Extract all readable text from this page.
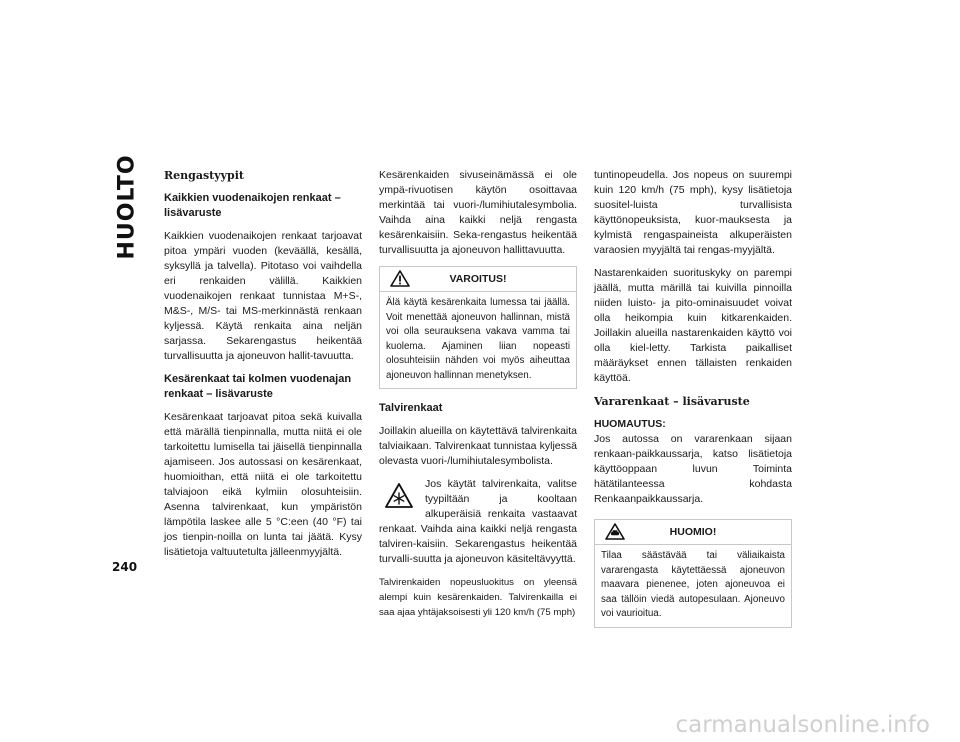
HUOLTO
240
Rengastyypit
Kaikkien vuodenaikojen renkaat – lisävaruste

Kaikkien vuodenaikojen renkaat tarjoavat pitoa ympäri vuoden (keväällä, kesällä, syksyllä ja talvella). Pitotaso voi vaihdella eri renkaiden välillä. Kaikkien vuodenaikojen renkaat tunnistaa M+S-, M&S-, M/S- tai MS-merkinnästä renkaan kyljessä. Käytä renkaita aina neljän sarjassa. Sekarengastus heikentää turvallisuutta ja ajoneuvon hallit-tavuutta.

Kesärenkaat tai kolmen vuodenajan renkaat – lisävaruste

Kesärenkaat tarjoavat pitoa sekä kuivalla että märällä tienpinnalla, mutta niitä ei ole tarkoitettu lumisella tai jäisellä tienpinnalla ajamiseen. Jos autossasi on kesärenkaat, huomioithan, että niitä ei ole tarkoitettu talviajoon eikä kylmiin olosuhteisiin. Asenna talvirenkaat, kun ympäristön lämpötila laskee alle 5 °C:een (40 °F) tai jos tienpin-noilla on lunta tai jäätä. Kysy lisätietoja valtuutetulta jälleenmyyjältä.

Kesärenkaiden sivuseinämässä ei ole ympä-rivuotisen käytön osoittavaa merkintää tai vuori-/lumihiutalesymbolia. Vaihda aina kaikki neljä rengasta kesärenkaisiin. Seka-rengastus heikentää turvallisuutta ja ajoneuvon hallittavuutta.

VAROITUS!
Älä käytä kesärenkaita lumessa tai jäällä. Voit menettää ajoneuvon hallinnan, mistä voi olla seurauksena vakava vamma tai kuolema. Ajaminen liian nopeasti olosuhteisiin nähden voi myös aiheuttaa ajoneuvon hallinnan menetyksen.
Talvirenkaat

Joillakin alueilla on käytettävä talvirenkaita talviaikaan. Talvirenkaat tunnistaa kyljessä olevasta vuori-/lumihiutalesymbolista.

Jos käytät talvirenkaita, valitse tyypiltään ja kooltaan alkuperäisiä renkaita vastaavat renkaat. Vaihda aina kaikki neljä rengasta talviren-kaisiin. Sekarengastus heikentää turvalli-suutta ja ajoneuvon käsiteltävyyttä.

Talvirenkaiden nopeusluokitus on yleensä alempi kuin kesärenkaiden. Talvirenkailla ei saa ajaa yhtäjaksoisesti yli 120 km/h (75 mph)

tuntinopeudella. Jos nopeus on suurempi kuin 120 km/h (75 mph), kysy lisätietoja suositel-luista turvallisista käyttönopeuksista, kuor-mauksesta ja kylmistä rengaspaineista alkuperäisten varaosien myyjältä tai rengas-myyjältä.

Nastarenkaiden suorituskyky on parempi jäällä, mutta märillä tai kuivilla pinnoilla niiden luisto- ja pito-ominaisuudet voivat olla heikompia kuin kitkarenkaiden. Joillakin alueilla nastarenkaiden käyttö voi olla kiel-letty. Tarkista paikalliset määräykset ennen tällaisten renkaiden käyttöä.

Vararenkaat – lisävaruste

HUOMAUTUS:

Jos autossa on vararenkaan sijaan renkaan-paikkaussarja, katso lisätietoja käyttöoppaan luvun Toiminta hätätilanteessa kohdasta Renkaanpaikkaussarja.

HUOMIO!
Tilaa säästävää tai väliaikaista vararengasta käytettäessä ajoneuvon maavara pienenee, joten ajoneuvoa ei saa tällöin viedä autopesulaan. Ajoneuvo voi vaurioitua.
carmanualsonline.info
